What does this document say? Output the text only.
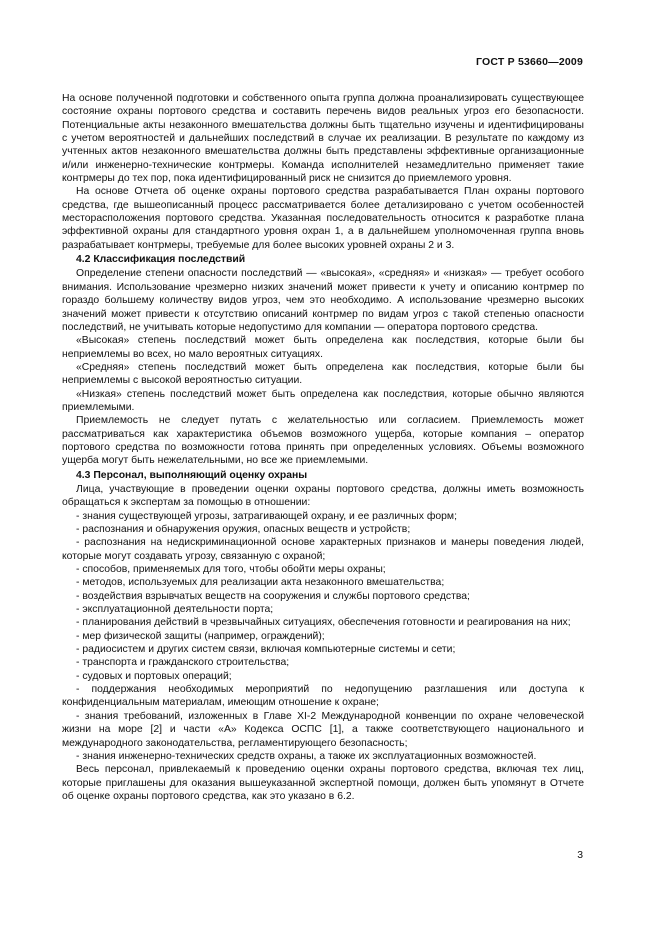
ГОСТ Р 53660—2009

На основе полученной подготовки и собственного опыта группа должна проанализировать существующее состояние охраны портового средства и составить перечень видов реальных угроз его безопасности. Потенциальные акты незаконного вмешательства должны быть тщательно изучены и идентифицированы с учетом вероятностей и дальнейших последствий в случае их реализации. В результате по каждому из учтенных актов незаконного вмешательства должны быть представлены эффективные организационные и/или инженерно-технические контрмеры. Команда исполнителей незамедлительно применяет такие контрмеры до тех пор, пока идентифицированный риск не снизится до приемлемого уровня.

На основе Отчета об оценке охраны портового средства разрабатывается План охраны портового средства, где вышеописанный процесс рассматривается более детализировано с учетом особенностей месторасположения портового средства. Указанная последовательность относится к разработке плана эффективной охраны для стандартного уровня охран 1, а в дальнейшем уполномоченная группа вновь разрабатывает контрмеры, требуемые для более высоких уровней охраны 2 и 3.

4.2 Классификация последствий

Определение степени опасности последствий — «высокая», «средняя» и «низкая» — требует особого внимания. Использование чрезмерно низких значений может привести к учету и описанию контрмер по гораздо большему количеству видов угроз, чем это необходимо. А использование чрезмерно высоких значений может привести к отсутствию описаний контрмер по видам угроз с такой степенью опасности последствий, не учитывать которые недопустимо для компании — оператора портового средства.

«Высокая» степень последствий может быть определена как последствия, которые были бы неприемлемы во всех, но мало вероятных ситуациях.

«Средняя» степень последствий может быть определена как последствия, которые были бы неприемлемы с высокой вероятностью ситуации.

«Низкая» степень последствий может быть определена как последствия, которые обычно являются приемлемыми.

Приемлемость не следует путать с желательностью или согласием. Приемлемость может рассматриваться как характеристика объемов возможного ущерба, которые компания – оператор портового средства по возможности готова принять при определенных условиях. Объемы возможного ущерба могут быть нежелательными, но все же приемлемыми.

4.3 Персонал, выполняющий оценку охраны

Лица, участвующие в проведении оценки охраны портового средства, должны иметь возможность обращаться к экспертам за помощью в отношении:

- знания существующей угрозы, затрагивающей охрану, и ее различных форм;

- распознания и обнаружения оружия, опасных веществ и устройств;

- распознания на недискриминационной основе характерных признаков и манеры поведения людей, которые могут создавать угрозу, связанную с охраной;

- способов, применяемых для того, чтобы обойти меры охраны;

- методов, используемых для реализации акта незаконного вмешательства;

- воздействия взрывчатых веществ на сооружения и службы портового средства;

- эксплуатационной деятельности порта;

- планирования действий в чрезвычайных ситуациях, обеспечения готовности и реагирования на них;

- мер физической защиты (например, ограждений);

- радиосистем и других систем связи, включая компьютерные системы и сети;

- транспорта и гражданского строительства;

- судовых и портовых операций;

- поддержания необходимых мероприятий по недопущению разглашения или доступа к конфиденциальным материалам, имеющим отношение к охране;

- знания требований, изложенных в Главе XI-2 Международной конвенции по охране человеческой жизни на море [2] и части «А» Кодекса ОСПС [1], а также соответствующего национального и международного законодательства, регламентирующего безопасность;

- знания инженерно-технических средств охраны, а также их эксплуатационных возможностей.

Весь персонал, привлекаемый к проведению оценки охраны портового средства, включая тех лиц, которые приглашены для оказания вышеуказанной экспертной помощи, должен быть упомянут в Отчете об оценке охраны портового средства, как это указано в 6.2.

3
